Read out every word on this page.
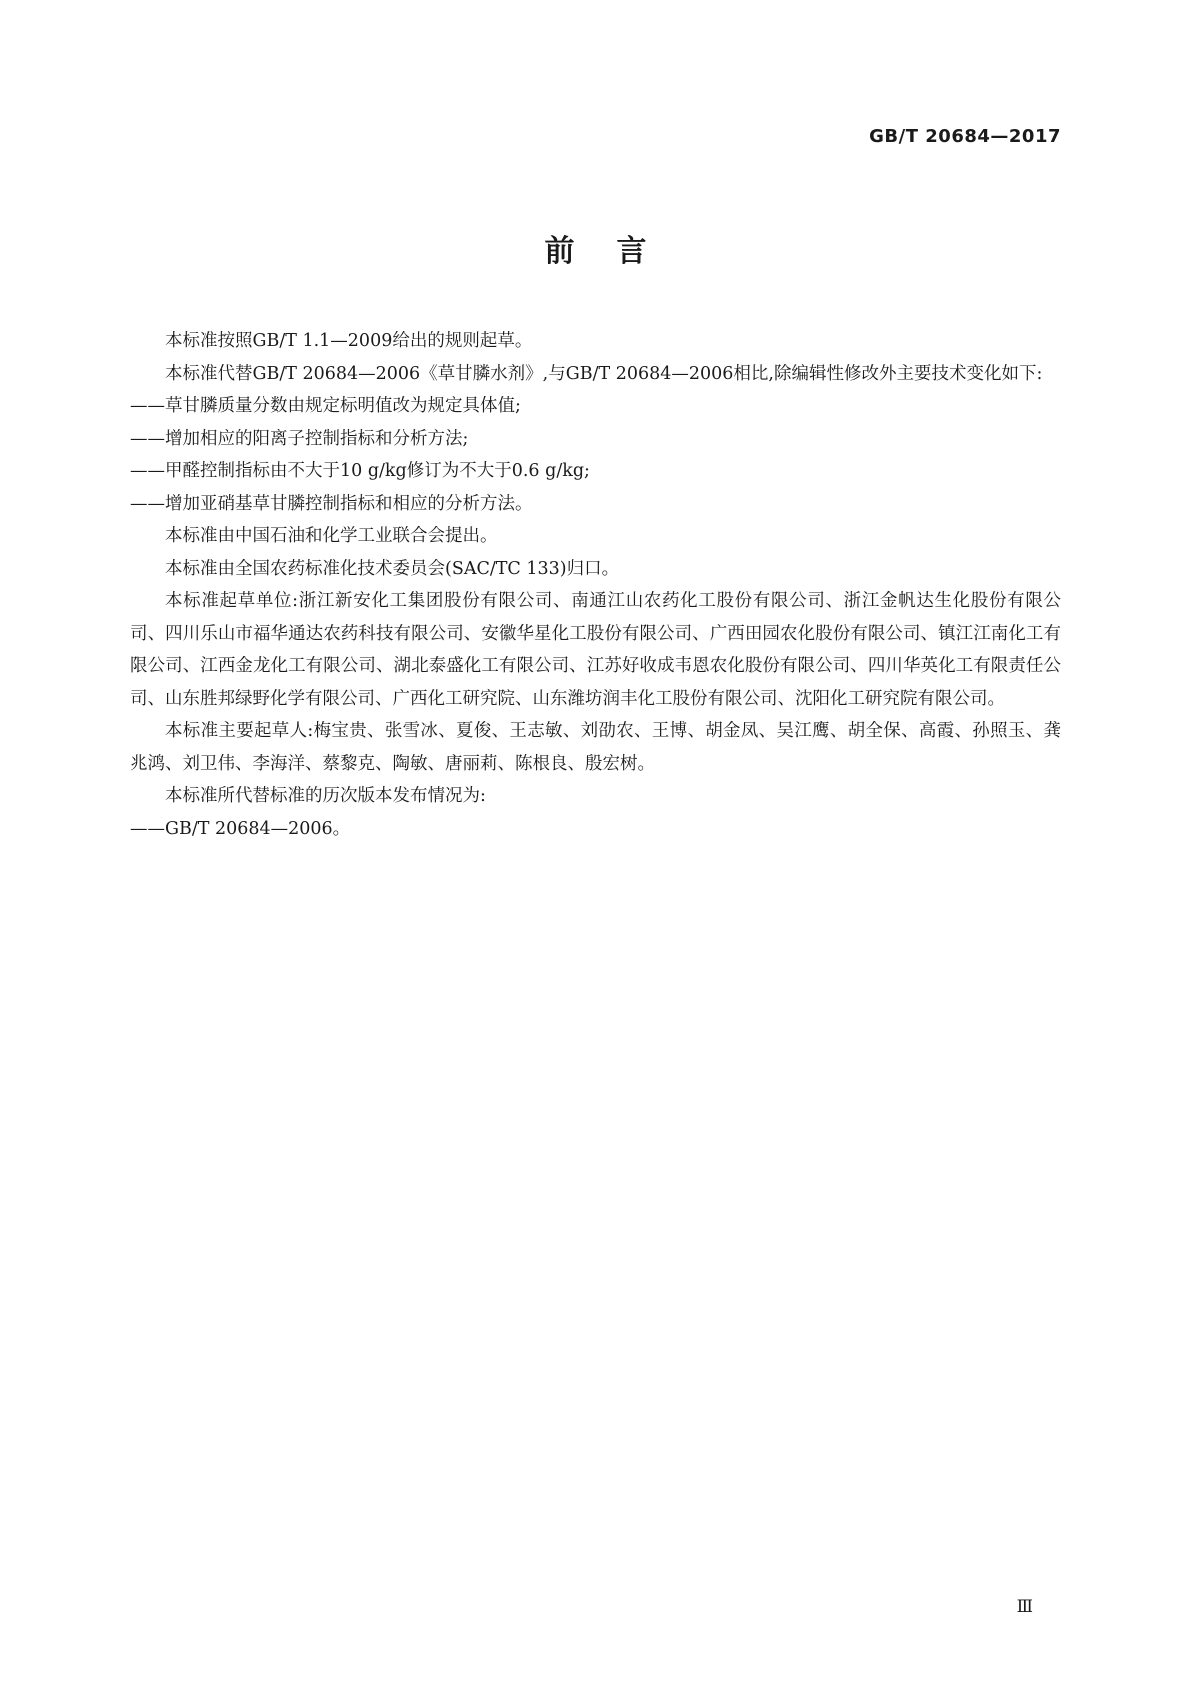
GB/T 20684—2017
前言

本标准按照GB/T 1.1—2009给出的规则起草。

本标准代替GB/T 20684—2006《草甘膦水剂》,与GB/T 20684—2006相比,除编辑性修改外主要技术变化如下:

——草甘膦质量分数由规定标明值改为规定具体值;

——增加相应的阳离子控制指标和分析方法;

——甲醛控制指标由不大于10 g/kg修订为不大于0.6 g/kg;

——增加亚硝基草甘膦控制指标和相应的分析方法。

本标准由中国石油和化学工业联合会提出。

本标准由全国农药标准化技术委员会(SAC/TC 133)归口。

本标准起草单位:浙江新安化工集团股份有限公司、南通江山农药化工股份有限公司、浙江金帆达生化股份有限公司、四川乐山市福华通达农药科技有限公司、安徽华星化工股份有限公司、广西田园农化股份有限公司、镇江江南化工有限公司、江西金龙化工有限公司、湖北泰盛化工有限公司、江苏好收成韦恩农化股份有限公司、四川华英化工有限责任公司、山东胜邦绿野化学有限公司、广西化工研究院、山东潍坊润丰化工股份有限公司、沈阳化工研究院有限公司。

本标准主要起草人:梅宝贵、张雪冰、夏俊、王志敏、刘劭农、王博、胡金凤、吴江鹰、胡全保、高霞、孙照玉、龚兆鸿、刘卫伟、李海洋、蔡黎克、陶敏、唐丽莉、陈根良、殷宏树。

本标准所代替标准的历次版本发布情况为:

——GB/T 20684—2006。

Ⅲ
